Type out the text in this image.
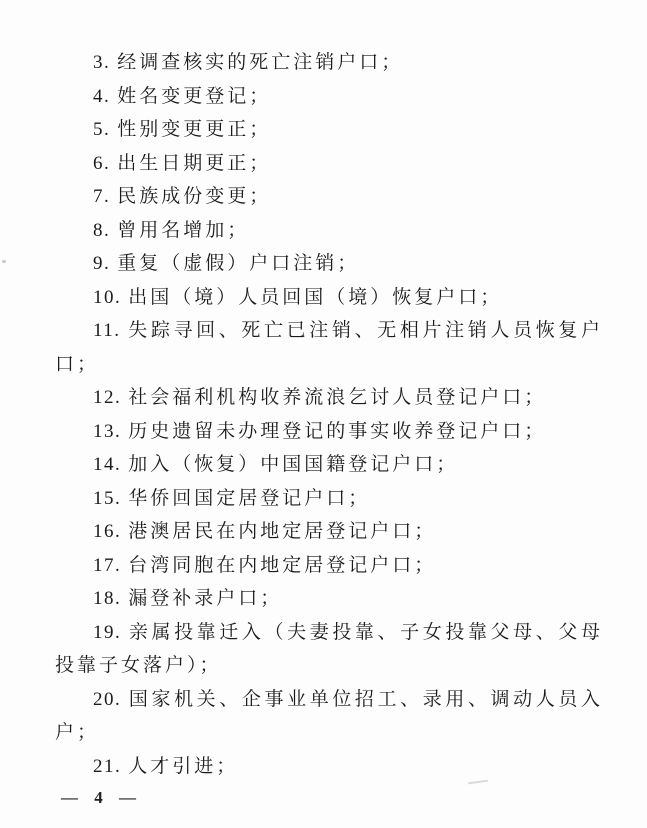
3. 经调查核实的死亡注销户口；

4. 姓名变更登记；

5. 性别变更更正；

6. 出生日期更正；

7. 民族成份变更；

8. 曾用名增加；

9. 重复（虚假）户口注销；

10. 出国（境）人员回国（境）恢复户口；

11. 失踪寻回、死亡已注销、无相片注销人员恢复户口；

12. 社会福利机构收养流浪乞讨人员登记户口；

13. 历史遗留未办理登记的事实收养登记户口；

14. 加入（恢复）中国国籍登记户口；

15. 华侨回国定居登记户口；

16. 港澳居民在内地定居登记户口；

17. 台湾同胞在内地定居登记户口；

18. 漏登补录户口；

19. 亲属投靠迁入（夫妻投靠、子女投靠父母、父母投靠子女落户）；

20. 国家机关、企事业单位招工、录用、调动人员入户；

21. 人才引进；

— 4 —
